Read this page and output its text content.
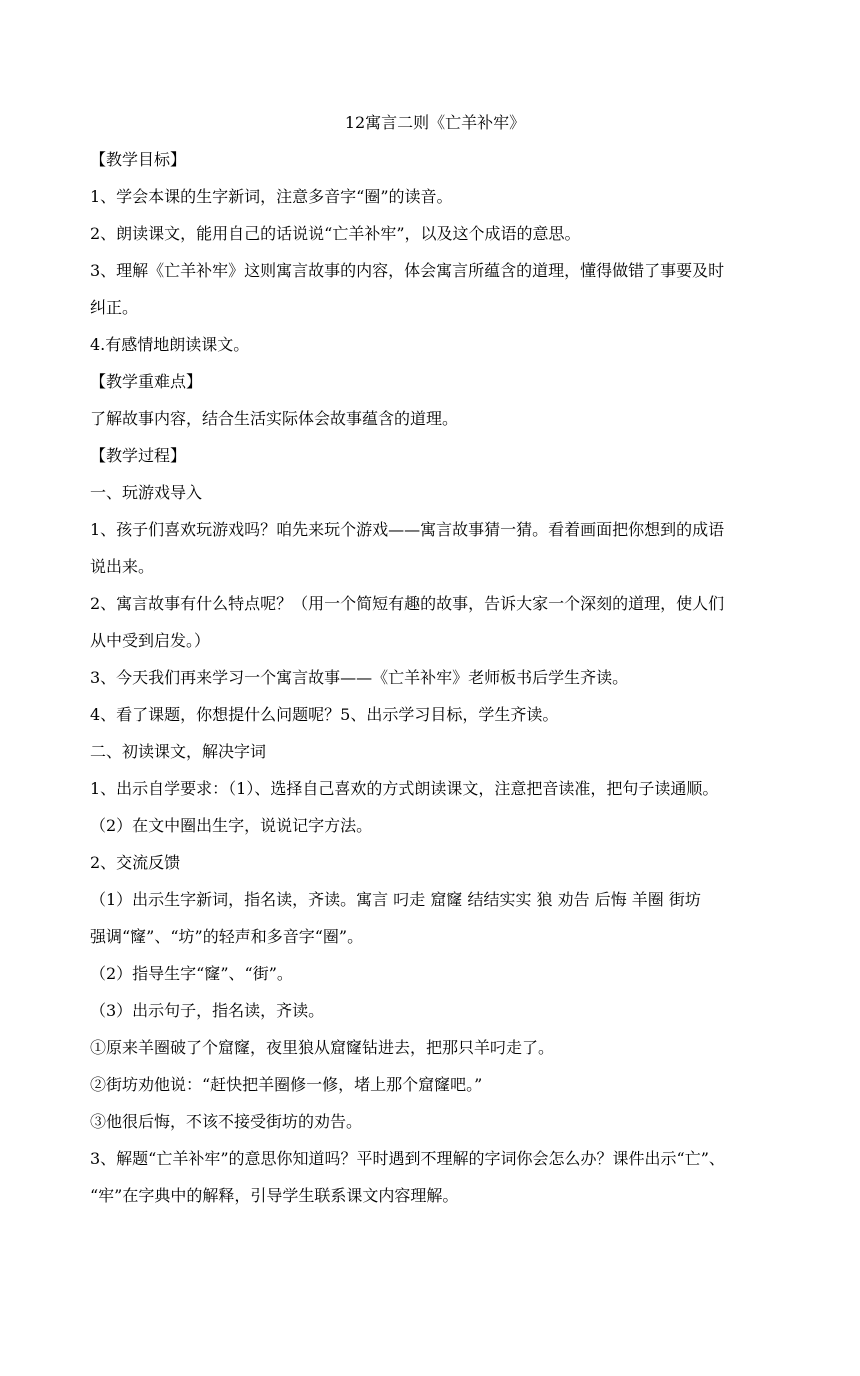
12寓言二则《亡羊补牢》
【教学目标】
1、学会本课的生字新词，注意多音字“圈”的读音。
2、朗读课文，能用自己的话说说“亡羊补牢”，以及这个成语的意思。
3、理解《亡羊补牢》这则寓言故事的内容，体会寓言所蕴含的道理，懂得做错了事要及时
纠正。
4.有感情地朗读课文。
【教学重难点】
了解故事内容，结合生活实际体会故事蕴含的道理。
【教学过程】
一、玩游戏导入
1、孩子们喜欢玩游戏吗？咱先来玩个游戏——寓言故事猜一猜。看着画面把你想到的成语
说出来。
2、寓言故事有什么特点呢？（用一个简短有趣的故事，告诉大家一个深刻的道理，使人们
从中受到启发。）
3、今天我们再来学习一个寓言故事——《亡羊补牢》老师板书后学生齐读。
4、看了课题，你想提什么问题呢？5、出示学习目标，学生齐读。
二、初读课文，解决字词
1、出示自学要求：（1）、选择自己喜欢的方式朗读课文，注意把音读准，把句子读通顺。
（2）在文中圈出生字，说说记字方法。
2、交流反馈
（1）出示生字新词，指名读，齐读。寓言 叼走 窟窿 结结实实 狼 劝告 后悔 羊圈 街坊
强调“窿”、“坊”的轻声和多音字“圈”。
（2）指导生字“窿”、“街”。
（3）出示句子，指名读，齐读。
①原来羊圈破了个窟窿，夜里狼从窟窿钻进去，把那只羊叼走了。
②街坊劝他说：“赶快把羊圈修一修，堵上那个窟窿吧。”
③他很后悔，不该不接受街坊的劝告。
3、解题“亡羊补牢”的意思你知道吗？平时遇到不理解的字词你会怎么办？课件出示“亡”、
“牢”在字典中的解释，引导学生联系课文内容理解。
